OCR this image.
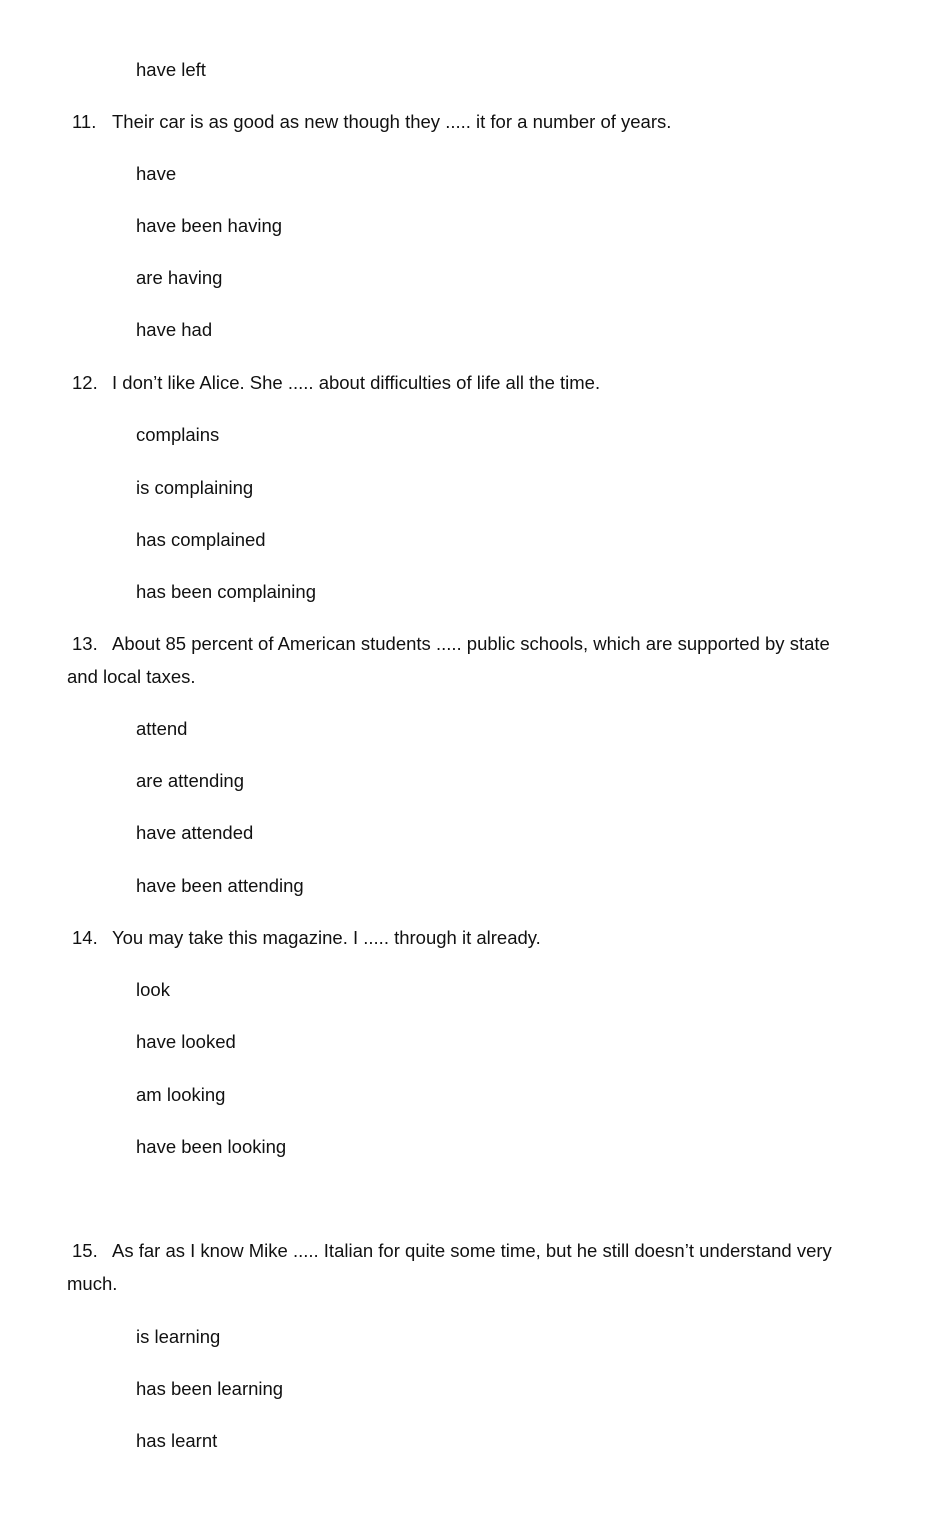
have left
11. Their car is as good as new though they ..... it for a number of years.
have
have been having
are having
have had
12. I don’t like Alice. She ..... about difficulties of life all the time.
complains
is complaining
has complained
has been complaining
13. About 85 percent of American students ..... public schools, which are supported by state
and local taxes.
attend
are attending
have attended
have been attending
14. You may take this magazine. I ..... through it already.
look
have looked
am looking
have been looking
15. As far as I know Mike ..... Italian for quite some time, but he still doesn’t understand very
much.
is learning
has been learning
has learnt
